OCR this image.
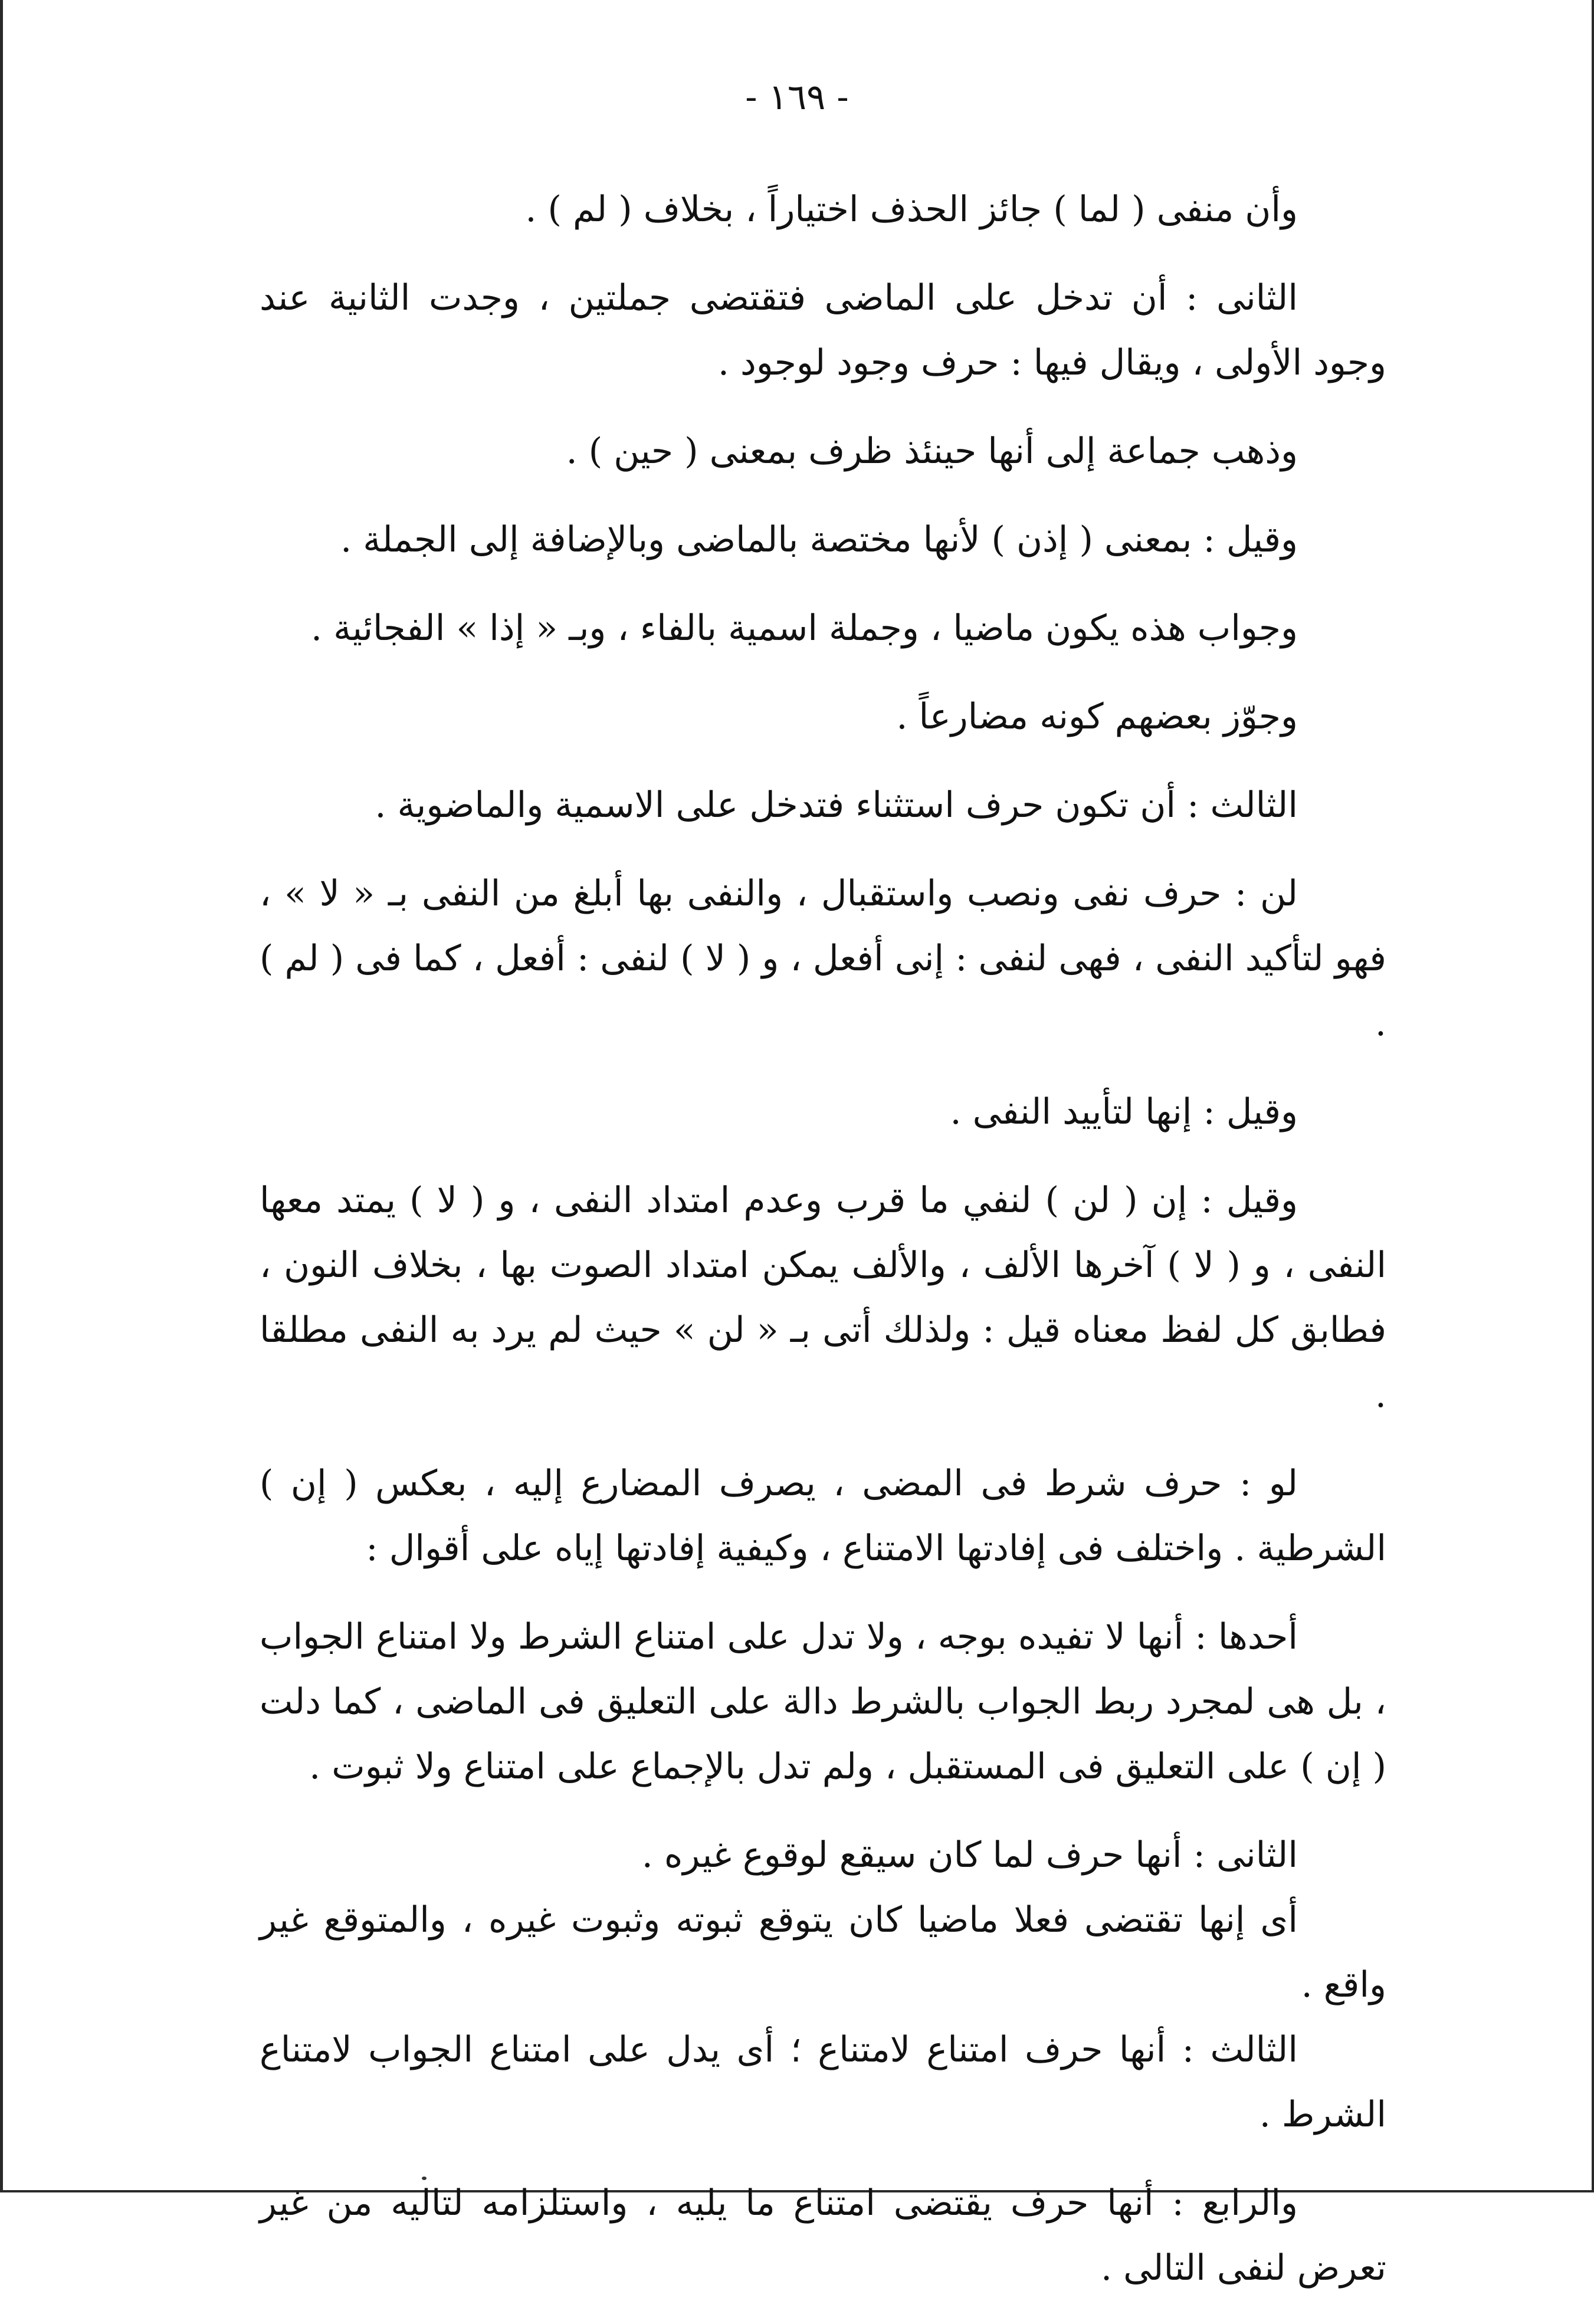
- ١٦٩ -

وأن منفى ( لما ) جائز الحذف اختياراً ، بخلاف ( لم ) .

الثانى : أن تدخل على الماضى فتقتضى جملتين ، وجدت الثانية عند وجود الأولى ، ويقال فيها : حرف وجود لوجود .

وذهب جماعة إلى أنها حينئذ ظرف بمعنى ( حين ) .

وقيل : بمعنى ( إذن ) لأنها مختصة بالماضى وبالإضافة إلى الجملة .

وجواب هذه يكون ماضيا ، وجملة اسمية بالفاء ، وبـ « إذا » الفجائية .

وجوّز بعضهم كونه مضارعاً .

الثالث : أن تكون حرف استثناء فتدخل على الاسمية والماضوية .

لن : حرف نفى ونصب واستقبال ، والنفى بها أبلغ من النفى بـ « لا » ، فهو لتأكيد النفى ، فهى لنفى : إنى أفعل ، و ( لا ) لنفى : أفعل ، كما فى ( لم ) .

وقيل : إنها لتأييد النفى .

وقيل : إن ( لن ) لنفي ما قرب وعدم امتداد النفى ، و ( لا ) يمتد معها النفى ، و ( لا ) آخرها الألف ، والألف يمكن امتداد الصوت بها ، بخلاف النون ، فطابق كل لفظ معناه قيل : ولذلك أتى بـ « لن » حيث لم يرد به النفى مطلقا .

لو : حرف شرط فى المضى ، يصرف المضارع إليه ، بعكس ( إن ) الشرطية . واختلف فى إفادتها الامتناع ، وكيفية إفادتها إياه على أقوال :

أحدها : أنها لا تفيده بوجه ، ولا تدل على امتناع الشرط ولا امتناع الجواب ، بل هى لمجرد ربط الجواب بالشرط دالة على التعليق فى الماضى ، كما دلت ( إن ) على التعليق فى المستقبل ، ولم تدل بالإجماع على امتناع ولا ثبوت .

الثانى : أنها حرف لما كان سيقع لوقوع غيره .

أى إنها تقتضى فعلا ماضيا كان يتوقع ثبوته وثبوت غيره ، والمتوقع غير واقع .

الثالث : أنها حرف امتناع لامتناع ؛ أى يدل على امتناع الجواب لامتناع الشرط .

والرابع : أنها حرف يقتضى امتناع ما يليه ، واستلزامه لتاليه من غير تعرض لنفى التالى .
